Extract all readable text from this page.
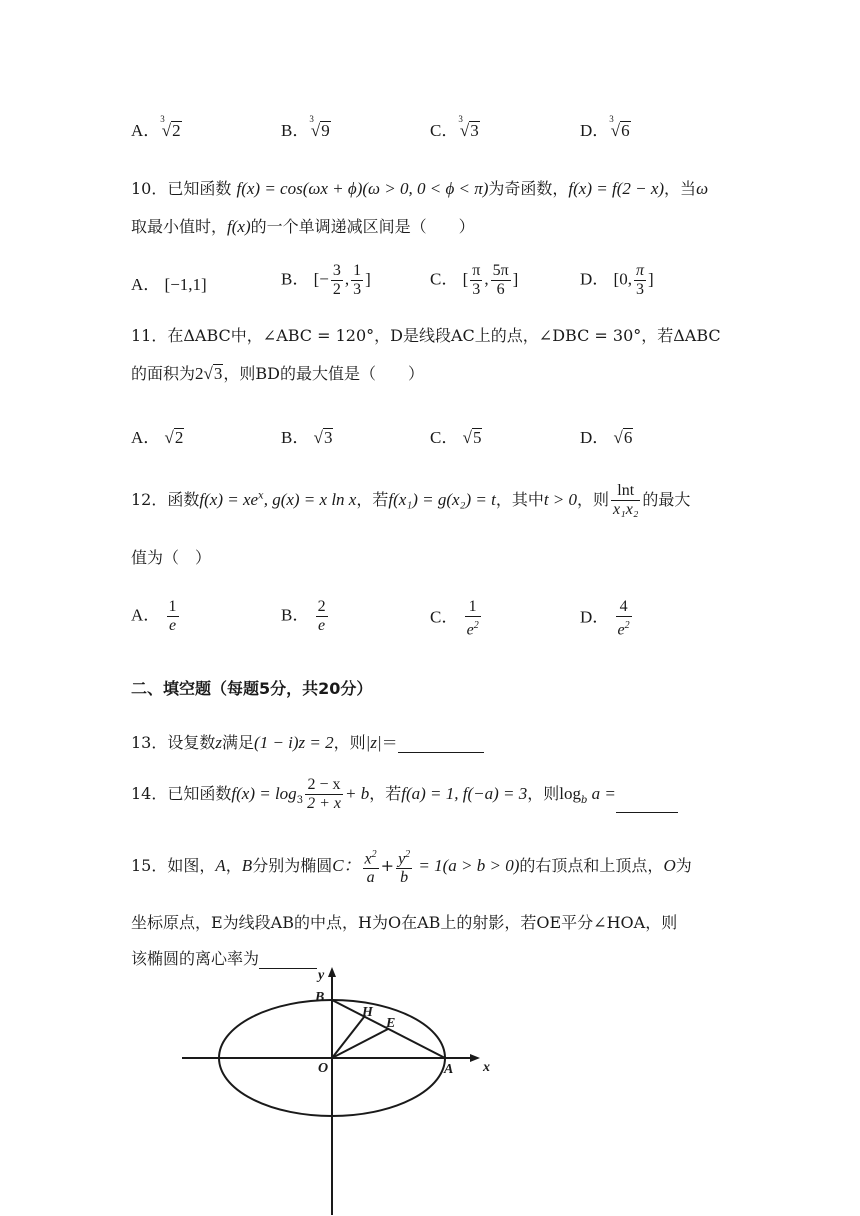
A．$^3$√2	B．$^3$√9	C．$^3$√3	D．$^3$√6
10．已知函数 f(x) = cos(ωx + ϕ)(ω > 0, 0 < ϕ < π)为奇函数，f(x) = f(2 − x)，当ω
取最小值时，f(x)的一个单调递减区间是（　　）
A． [−1,1]	B． [− $\frac{3}{2}$ , $\frac{1}{3}$ ]	C． [ $\frac{\pi}{3}$ , $\frac{5\pi}{6}$ ]	D． [0, $\frac{\pi}{3}$ ]
11．在ΔABC中，∠ABC = 120°，D是线段AC上的点，∠DBC = 30°，若ΔABC
的面积为2√3，则BD的最大值是（　　）
A． √2	B． √3	C． √5	D． √6
12．函数$f(x) = xe^x$, g(x) = x ln x，若f(x₁) = g(x₂) = t，其中t > 0，则 $\frac{\ln t}{\text{x₁x₂}}$ 的最大
值为（　）
A． $\frac{1}{e}$	B． $\frac{2}{e}$	C． $\frac{1}{e^2}$	D． $\frac{4}{e^2}$
二、填空题（每题5分，共20分）
13．设复数z满足(1 − i)z = 2，则|z|＝
14．已知函数$f(x) = \log_3 \frac{2 - x}{2 + x} + b$，若f(a) = 1, f(−a) = 3，则$\log_b a$ =
15．如图，A，B分别为椭圆C： $\frac{x^2}{a} + \frac{y^2}{b} = 1(a > b > 0)$的右顶点和上顶点，O为
坐标原点，E为线段AB的中点，H为O在AB上的射影，若OE平分∠HOA，则
该椭圆的离心率为
y
x
B
H
E
O	A
